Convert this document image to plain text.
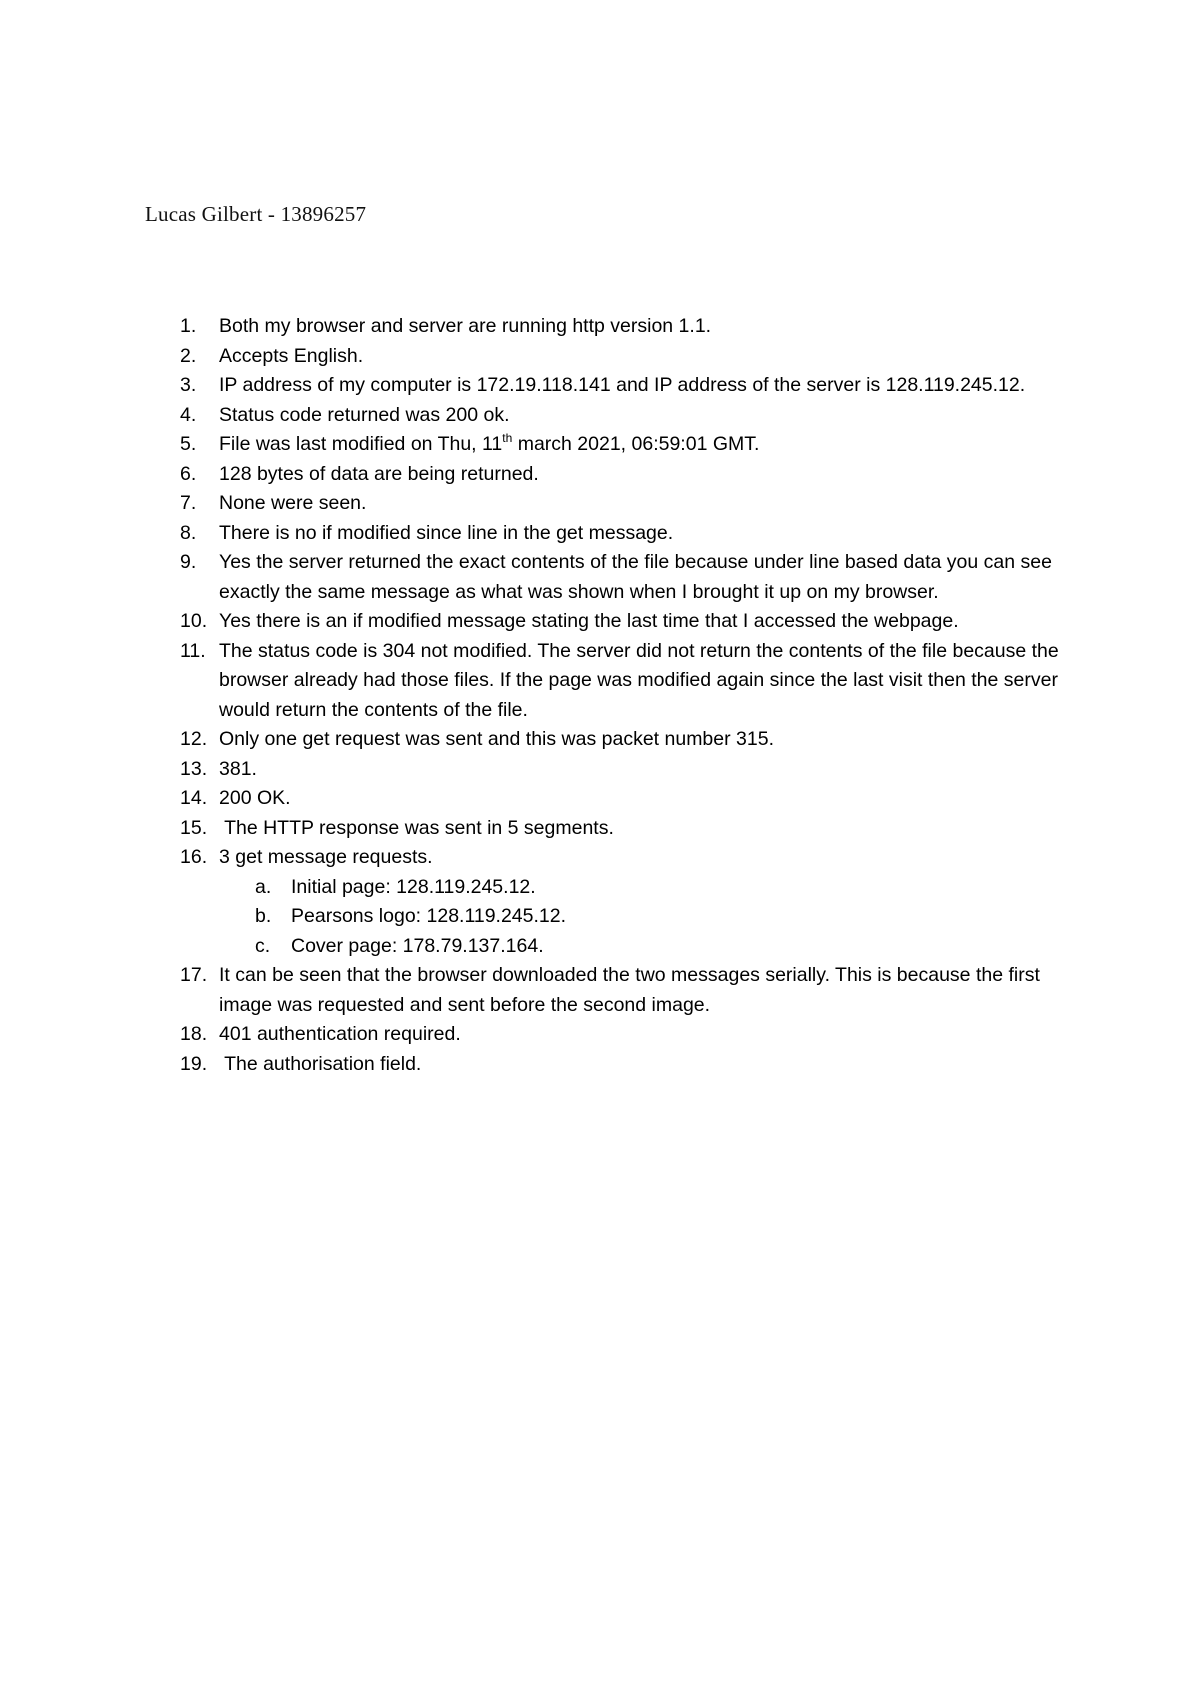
Lucas Gilbert - 13896257
1.	Both my browser and server are running http version 1.1.
2.	Accepts English.
3.	IP address of my computer is 172.19.118.141 and IP address of the server is 128.119.245.12.
4.	Status code returned was 200 ok.
5.	File was last modified on Thu, 11th march 2021, 06:59:01 GMT.
6.	128 bytes of data are being returned.
7.	None were seen.
8.	There is no if modified since line in the get message.
9.	Yes the server returned the exact contents of the file because under line based data you can see exactly the same message as what was shown when I brought it up on my browser.
10. Yes there is an if modified message stating the last time that I accessed the webpage.
11. The status code is 304 not modified. The server did not return the contents of the file because the browser already had those files. If the page was modified again since the last visit then the server would return the contents of the file.
12. Only one get request was sent and this was packet number 315.
13. 381.
14. 200 OK.
15. The HTTP response was sent in 5 segments.
16. 3 get message requests.
a. Initial page: 128.119.245.12.
b. Pearsons logo: 128.119.245.12.
c. Cover page: 178.79.137.164.
17. It can be seen that the browser downloaded the two messages serially. This is because the first image was requested and sent before the second image.
18. 401 authentication required.
19. The authorisation field.
